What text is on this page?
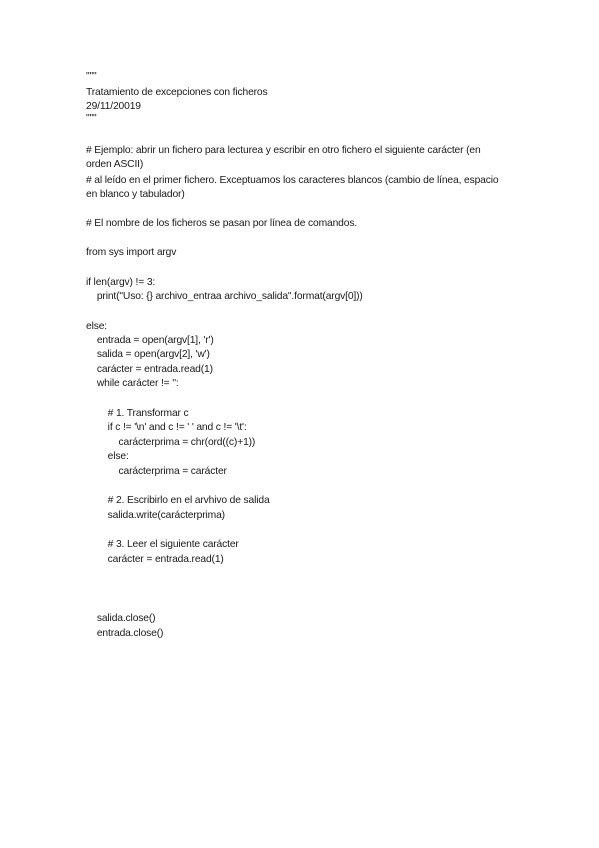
"""

Tratamiento de excepciones con ficheros

29/11/20019

"""

# Ejemplo: abrir un fichero para lecturea y escribir en otro fichero el siguiente carácter (en

orden ASCII)

# al leído en el primer fichero. Exceptuamos los caracteres blancos (cambio de línea, espacio

en blanco y tabulador)

# El nombre de los ficheros se pasan por línea de comandos.

from sys import argv

if len(argv) != 3:

print("Uso: {} archivo_entraa archivo_salida".format(argv[0]))

else:

entrada = open(argv[1], 'r')

salida = open(argv[2], 'w')

carácter = entrada.read(1)

while carácter != '':

# 1. Transformar c

if c != '\n' and c != ' ' and c != '\t':

carácterprima = chr(ord((c)+1))

else:

carácterprima = carácter

# 2. Escribirlo en el arvhivo de salida

salida.write(carácterprima)

# 3. Leer el siguiente carácter

carácter = entrada.read(1)

salida.close()

entrada.close()
